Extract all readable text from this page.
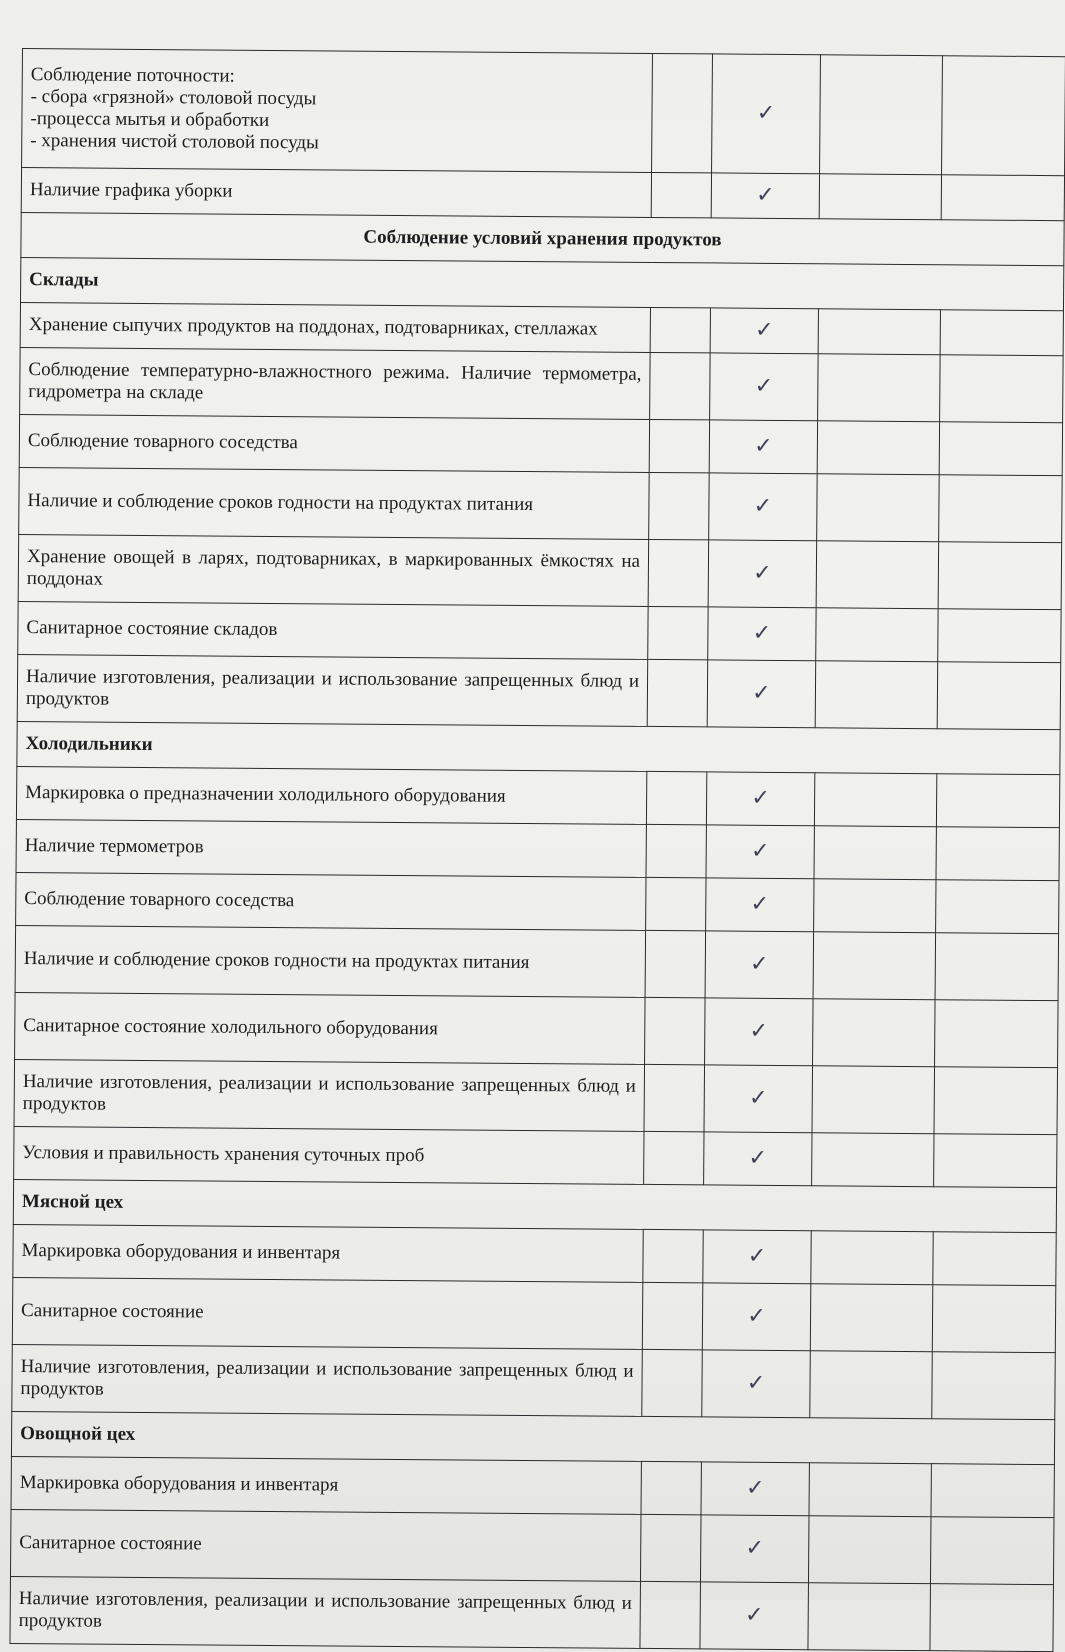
Соблюдение поточности:
- сбора «грязной» столовой посуды
-процесса мытья и обработки
- хранения чистой столовой посуды		✓		

Наличие графика уборки		✓		
Соблюдение условий хранения продуктов				
Склады				

Хранение сыпучих продуктов на поддонах, подтоварниках, стеллажах		✓		

Соблюдение температурно-влажностного режима. Наличие термометра, гидрометра на складе		✓		

Соблюдение товарного соседства		✓		

Наличие и соблюдение сроков годности на продуктах питания		✓		

Хранение овощей в ларях, подтоварниках, в маркированных ёмкостях на поддонах		✓		

Санитарное состояние складов		✓		

Наличие изготовления, реализации и использование запрещенных блюд и продуктов		✓		
Холодильники				

Маркировка о предназначении холодильного оборудования		✓		

Наличие термометров		✓		

Соблюдение товарного соседства		✓		

Наличие и соблюдение сроков годности на продуктах питания		✓		

Санитарное состояние холодильного оборудования		✓		

Наличие изготовления, реализации и использование запрещенных блюд и продуктов		✓		

Условия и правильность хранения суточных проб		✓		
Мясной цех				

Маркировка оборудования и инвентаря		✓		

Санитарное состояние		✓		

Наличие изготовления, реализации и использование запрещенных блюд и продуктов		✓		
Овощной цех				

Маркировка оборудования и инвентаря		✓		

Санитарное состояние		✓		

Наличие изготовления, реализации и использование запрещенных блюд и продуктов		✓		
